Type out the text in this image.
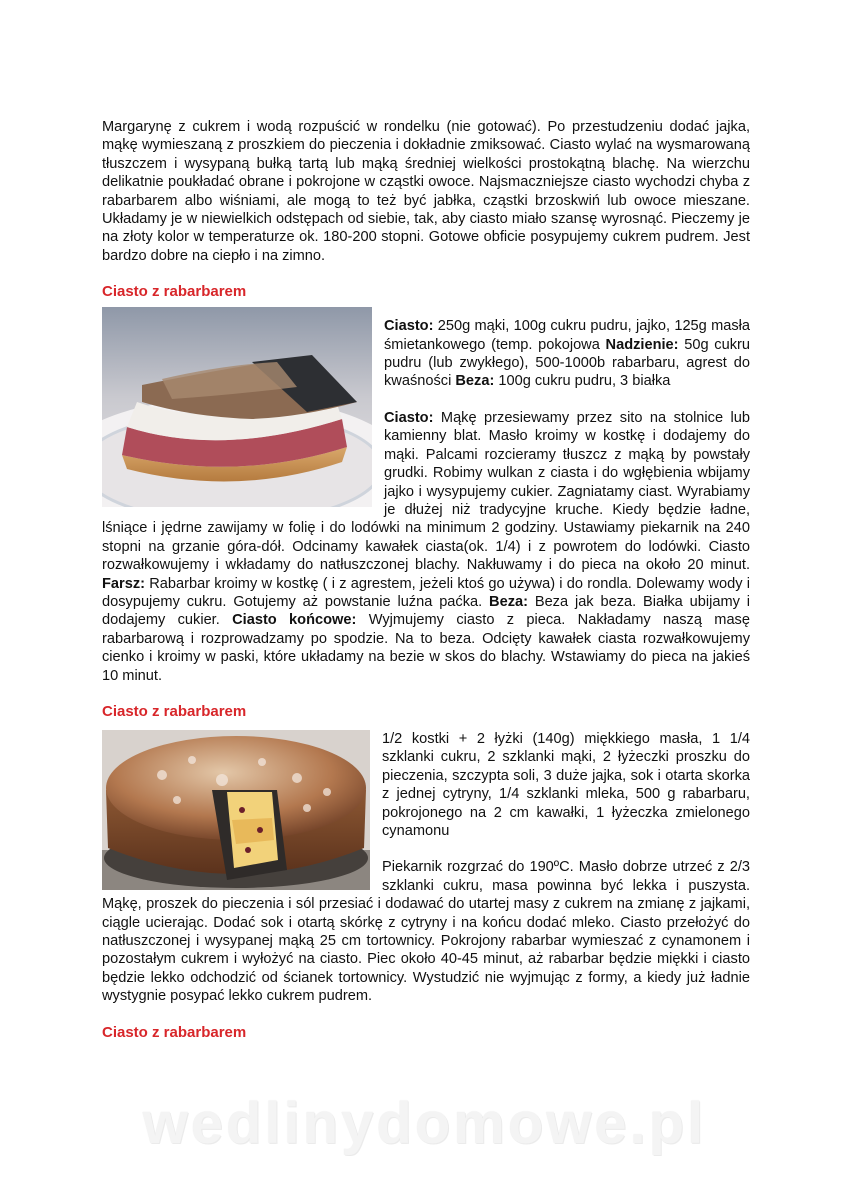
Margarynę z cukrem i wodą rozpuścić w rondelku (nie gotować). Po przestudzeniu dodać jajka, mąkę wymieszaną z proszkiem do pieczenia i dokładnie zmiksować. Ciasto wylać na wysmarowaną tłuszczem i wysypaną bułką tartą lub mąką średniej wielkości prostokątną blachę. Na wierzchu delikatnie poukładać obrane i pokrojone w cząstki owoce. Najsmaczniejsze ciasto wychodzi chyba z rabarbarem albo wiśniami, ale mogą to też być jabłka, cząstki brzoskwiń lub owoce mieszane. Układamy je w niewielkich odstępach od siebie, tak, aby ciasto miało szansę wyrosnąć. Pieczemy je na złoty kolor w temperaturze ok. 180-200 stopni. Gotowe obficie posypujemy cukrem pudrem. Jest bardzo dobre na ciepło i na zimno.

Ciasto z rabarbarem

Ciasto: 250g mąki, 100g cukru pudru, jajko, 125g masła śmietankowego (temp. pokojowa Nadzienie: 50g cukru pudru (lub zwykłego), 500-1000b rabarbaru, agrest do kwaśności Beza: 100g cukru pudru, 3 białka

Ciasto: Mąkę przesiewamy przez sito na stolnice lub kamienny blat. Masło kroimy w kostkę i dodajemy do mąki. Palcami rozcieramy tłuszcz z mąką by powstały grudki. Robimy wulkan z ciasta i do wgłębienia wbijamy jajko i wysypujemy cukier. Zagniatamy ciast. Wyrabiamy je dłużej niż tradycyjne kruche. Kiedy będzie ładne, lśniące i jędrne zawijamy w folię i do lodówki na minimum 2 godziny. Ustawiamy piekarnik na 240 stopni na grzanie góra-dół. Odcinamy kawałek ciasta(ok. 1/4) i z powrotem do lodówki. Ciasto rozwałkowujemy i wkładamy do natłuszczonej blachy. Nakłuwamy i do pieca na około 20 minut. Farsz: Rabarbar kroimy w kostkę ( i z agrestem, jeżeli ktoś go używa) i do rondla. Dolewamy wody i dosypujemy cukru. Gotujemy aż powstanie luźna paćka. Beza: Beza jak beza. Białka ubijamy i dodajemy cukier. Ciasto końcowe: Wyjmujemy ciasto z pieca. Nakładamy naszą masę rabarbarową i rozprowadzamy po spodzie. Na to beza. Odcięty kawałek ciasta rozwałkowujemy cienko i kroimy w paski, które układamy na bezie w skos do blachy. Wstawiamy do pieca na jakieś 10 minut.

Ciasto z rabarbarem

1/2 kostki + 2 łyżki (140g) miękkiego masła, 1 1/4 szklanki cukru, 2 szklanki mąki, 2 łyżeczki proszku do pieczenia, szczypta soli, 3 duże jajka, sok i otarta skorka z jednej cytryny, 1/4 szklanki mleka, 500 g rabarbaru, pokrojonego na 2 cm kawałki, 1 łyżeczka zmielonego cynamonu

Piekarnik rozgrzać do 190ºC. Masło dobrze utrzeć z 2/3 szklanki cukru, masa powinna być lekka i puszysta. Mąkę, proszek do pieczenia i sól przesiać i dodawać do utartej masy z cukrem na zmianę z jajkami, ciągle ucierając. Dodać sok i otartą skórkę z cytryny i na końcu dodać mleko. Ciasto przełożyć do natłuszczonej i wysypanej mąką 25 cm tortownicy. Pokrojony rabarbar wymieszać z cynamonem i pozostałym cukrem i wyłożyć na ciasto. Piec około 40-45 minut, aż rabarbar będzie miękki i ciasto będzie lekko odchodzić od ścianek tortownicy. Wystudzić nie wyjmując z formy, a kiedy już ładnie wystygnie posypać lekko cukrem pudrem.

Ciasto z rabarbarem
wedlinydomowe.pl
